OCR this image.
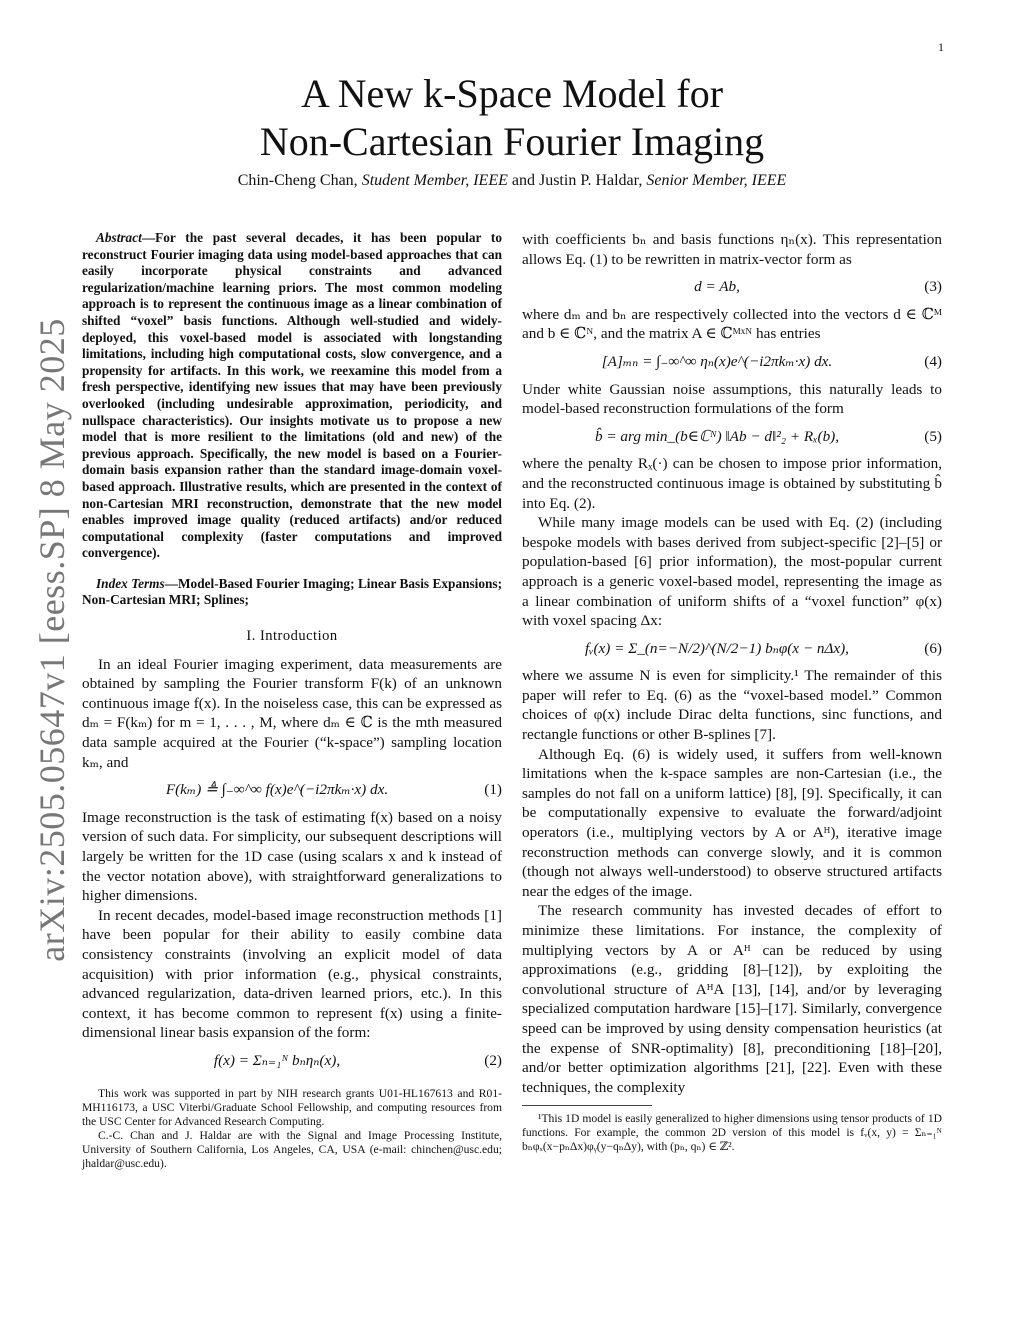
1
arXiv:2505.05647v1 [eess.SP] 8 May 2025
A New k-Space Model for
Non-Cartesian Fourier Imaging
Chin-Cheng Chan, Student Member, IEEE and Justin P. Haldar, Senior Member, IEEE

Abstract—For the past several decades, it has been popular to reconstruct Fourier imaging data using model-based approaches that can easily incorporate physical constraints and advanced regularization/machine learning priors. The most common modeling approach is to represent the continuous image as a linear combination of shifted “voxel” basis functions. Although well-studied and widely-deployed, this voxel-based model is associated with longstanding limitations, including high computational costs, slow convergence, and a propensity for artifacts. In this work, we reexamine this model from a fresh perspective, identifying new issues that may have been previously overlooked (including undesirable approximation, periodicity, and nullspace characteristics). Our insights motivate us to propose a new model that is more resilient to the limitations (old and new) of the previous approach. Specifically, the new model is based on a Fourier-domain basis expansion rather than the standard image-domain voxel-based approach. Illustrative results, which are presented in the context of non-Cartesian MRI reconstruction, demonstrate that the new model enables improved image quality (reduced artifacts) and/or reduced computational complexity (faster computations and improved convergence).

Index Terms—Model-Based Fourier Imaging; Linear Basis Expansions; Non-Cartesian MRI; Splines;

I. Introduction

In an ideal Fourier imaging experiment, data measurements are obtained by sampling the Fourier transform F(k) of an unknown continuous image f(x). In the noiseless case, this can be expressed as dₘ = F(kₘ) for m = 1, . . . , M, where dₘ ∈ ℂ is the mth measured data sample acquired at the Fourier (“k-space”) sampling location kₘ, and

F(kₘ) ≜ ∫₋∞^∞ f(x)e^(−i2πkₘ·x) dx.	(1)

Image reconstruction is the task of estimating f(x) based on a noisy version of such data. For simplicity, our subsequent descriptions will largely be written for the 1D case (using scalars x and k instead of the vector notation above), with straightforward generalizations to higher dimensions.

In recent decades, model-based image reconstruction methods [1] have been popular for their ability to easily combine data consistency constraints (involving an explicit model of data acquisition) with prior information (e.g., physical constraints, advanced regularization, data-driven learned priors, etc.). In this context, it has become common to represent f(x) using a finite-dimensional linear basis expansion of the form:

f(x) = Σₙ₌₁ᴺ bₙηₙ(x),	(2)

This work was supported in part by NIH research grants U01-HL167613 and R01-MH116173, a USC Viterbi/Graduate School Fellowship, and computing resources from the USC Center for Advanced Research Computing.

C.-C. Chan and J. Haldar are with the Signal and Image Processing Institute, University of Southern California, Los Angeles, CA, USA (e-mail: chinchen@usc.edu; jhaldar@usc.edu).

with coefficients bₙ and basis functions ηₙ(x). This representation allows Eq. (1) to be rewritten in matrix-vector form as

d = Ab,	(3)

where dₘ and bₙ are respectively collected into the vectors d ∈ ℂᴹ and b ∈ ℂᴺ, and the matrix A ∈ ℂᴹˣᴺ has entries

[A]ₘₙ = ∫₋∞^∞ ηₙ(x)e^(−i2πkₘ·x) dx.	(4)

Under white Gaussian noise assumptions, this naturally leads to model-based reconstruction formulations of the form

b̂ = arg min_(b∈ℂᴺ) ‖Ab − d‖²₂ + Rₓ(b),	(5)

where the penalty Rₓ(·) can be chosen to impose prior information, and the reconstructed continuous image is obtained by substituting b̂ into Eq. (2).

While many image models can be used with Eq. (2) (including bespoke models with bases derived from subject-specific [2]–[5] or population-based [6] prior information), the most-popular current approach is a generic voxel-based model, representing the image as a linear combination of uniform shifts of a “voxel function” φ(x) with voxel spacing Δx:

fᵥ(x) = Σ_(n=−N/2)^(N/2−1) bₙφ(x − nΔx),	(6)

where we assume N is even for simplicity.¹ The remainder of this paper will refer to Eq. (6) as the “voxel-based model.” Common choices of φ(x) include Dirac delta functions, sinc functions, and rectangle functions or other B-splines [7].

Although Eq. (6) is widely used, it suffers from well-known limitations when the k-space samples are non-Cartesian (i.e., the samples do not fall on a uniform lattice) [8], [9]. Specifically, it can be computationally expensive to evaluate the forward/adjoint operators (i.e., multiplying vectors by A or Aᴴ), iterative image reconstruction methods can converge slowly, and it is common (though not always well-understood) to observe structured artifacts near the edges of the image.

The research community has invested decades of effort to minimize these limitations. For instance, the complexity of multiplying vectors by A or Aᴴ can be reduced by using approximations (e.g., gridding [8]–[12]), by exploiting the convolutional structure of AᴴA [13], [14], and/or by leveraging specialized computation hardware [15]–[17]. Similarly, convergence speed can be improved by using density compensation heuristics (at the expense of SNR-optimality) [8], preconditioning [18]–[20], and/or better optimization algorithms [21], [22]. Even with these techniques, the complexity

¹This 1D model is easily generalized to higher dimensions using tensor products of 1D functions. For example, the common 2D version of this model is fᵥ(x, y) = Σₙ₌₁ᴺ bₙφₓ(x−pₙΔx)φᵧ(y−qₙΔy), with (pₙ, qₙ) ∈ ℤ².
